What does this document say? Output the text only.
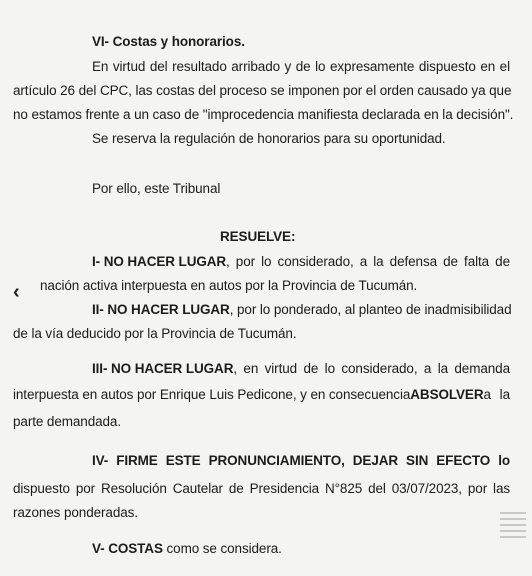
VI- Costas y honorarios.
En virtud del resultado arribado y de lo expresamente dispuesto en el
artículo 26 del CPC, las costas del proceso se imponen por el orden causado ya que
no estamos frente a un caso de "improcedencia manifiesta declarada en la decisión".
Se reserva la regulación de honorarios para su oportunidad.
Por ello, este Tribunal
RESUELVE:
I- NO HACER LUGAR , por lo considerado, a la defensa de falta de
nación activa interpuesta en autos por la Provincia de Tucumán.
‹
II- NO HACER LUGAR , por lo ponderado, al planteo de inadmisibilidad
de la vía deducido por la Provincia de Tucumán.
III- NO HACER LUGAR , en virtud de lo considerado, a la demanda
interpuesta en autos por Enrique Luis Pedicone, y en consecuencia ABSOLVER a la
parte demandada.
IV- FIRME ESTE PRONUNCIAMIENTO, DEJAR SIN EFECTO lo
dispuesto por Resolución Cautelar de Presidencia N°825 del 03/07/2023, por las
razones ponderadas.
V- COSTAS como se considera.
